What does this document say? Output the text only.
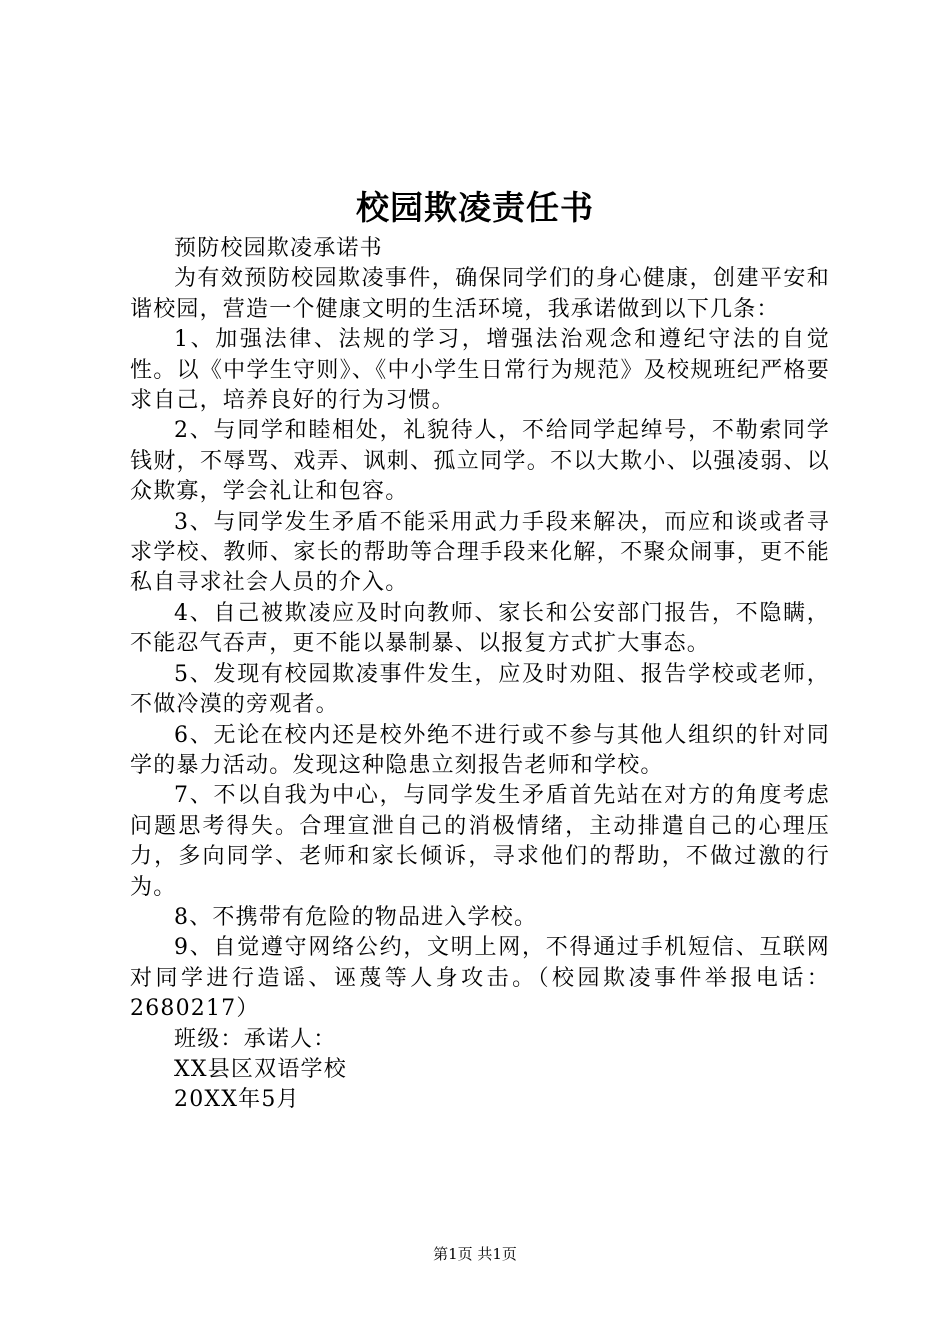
校园欺凌责任书

预防校园欺凌承诺书

为有效预防校园欺凌事件，确保同学们的身心健康，创建平安和谐校园，营造一个健康文明的生活环境，我承诺做到以下几条：

1、加强法律、法规的学习，增强法治观念和遵纪守法的自觉性。以《中学生守则》、《中小学生日常行为规范》及校规班纪严格要求自己，培养良好的行为习惯。

2、与同学和睦相处，礼貌待人，不给同学起绰号，不勒索同学钱财，不辱骂、戏弄、讽刺、孤立同学。不以大欺小、以强凌弱、以众欺寡，学会礼让和包容。

3、与同学发生矛盾不能采用武力手段来解决，而应和谈或者寻求学校、教师、家长的帮助等合理手段来化解，不聚众闹事，更不能私自寻求社会人员的介入。

4、自己被欺凌应及时向教师、家长和公安部门报告，不隐瞒，不能忍气吞声，更不能以暴制暴、以报复方式扩大事态。

5、发现有校园欺凌事件发生，应及时劝阻、报告学校或老师，不做冷漠的旁观者。

6、无论在校内还是校外绝不进行或不参与其他人组织的针对同学的暴力活动。发现这种隐患立刻报告老师和学校。

7、不以自我为中心，与同学发生矛盾首先站在对方的角度考虑问题思考得失。合理宣泄自己的消极情绪，主动排遣自己的心理压力，多向同学、老师和家长倾诉，寻求他们的帮助，不做过激的行为。

8、不携带有危险的物品进入学校。

9、自觉遵守网络公约，文明上网，不得通过手机短信、互联网对同学进行造谣、诬蔑等人身攻击。（校园欺凌事件举报电话：2680217）

班级：承诺人：

XX县区双语学校

20XX年5月

第1页 共1页
